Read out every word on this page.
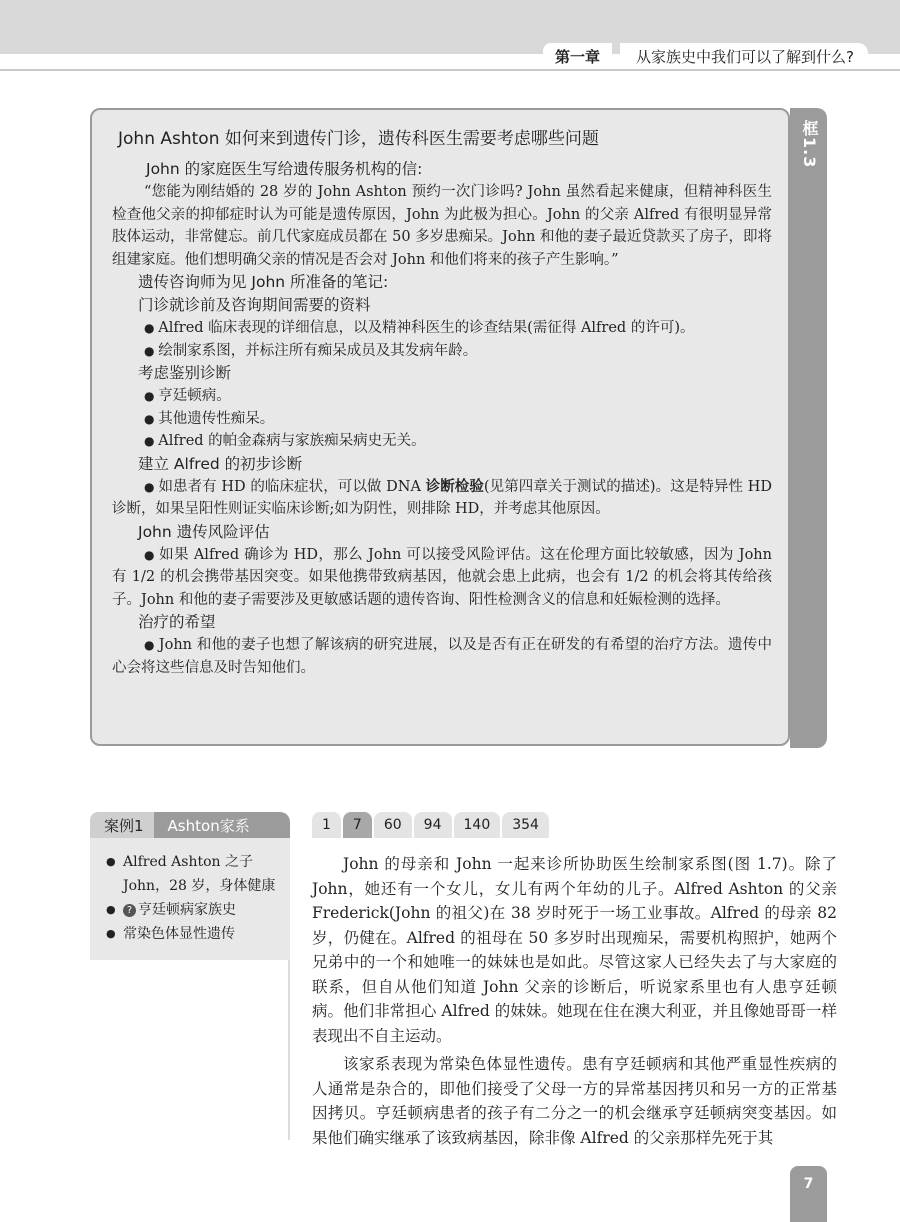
第一章	从家族史中我们可以了解到什么?
John Ashton 如何来到遗传门诊，遗传科医生需要考虑哪些问题
John 的家庭医生写给遗传服务机构的信:

“您能为刚结婚的 28 岁的 John Ashton 预约一次门诊吗? John 虽然看起来健康，但精神科医生检查他父亲的抑郁症时认为可能是遗传原因，John 为此极为担心。John 的父亲 Alfred 有很明显异常肢体运动，非常健忘。前几代家庭成员都在 50 多岁患痴呆。John 和他的妻子最近贷款买了房子，即将组建家庭。他们想明确父亲的情况是否会对 John 和他们将来的孩子产生影响。”

遗传咨询师为见 John 所准备的笔记:
门诊就诊前及咨询期间需要的资料

● Alfred 临床表现的详细信息，以及精神科医生的诊查结果(需征得 Alfred 的许可)。

● 绘制家系图，并标注所有痴呆成员及其发病年龄。

考虑鉴别诊断

● 亨廷顿病。

● 其他遗传性痴呆。

● Alfred 的帕金森病与家族痴呆病史无关。

建立 Alfred 的初步诊断

● 如患者有 HD 的临床症状，可以做 DNA 诊断检验(见第四章关于测试的描述)。这是特异性 HD 诊断，如果呈阳性则证实临床诊断;如为阴性，则排除 HD，并考虑其他原因。

John 遗传风险评估

● 如果 Alfred 确诊为 HD，那么 John 可以接受风险评估。这在伦理方面比较敏感，因为 John 有 1/2 的机会携带基因突变。如果他携带致病基因，他就会患上此病，也会有 1/2 的机会将其传给孩子。John 和他的妻子需要涉及更敏感话题的遗传咨询、阳性检测含义的信息和妊娠检测的选择。

治疗的希望

● John 和他的妻子也想了解该病的研究进展，以及是否有正在研发的有希望的治疗方法。遗传中心会将这些信息及时告知他们。

框1.3
案例1	Ashton家系
● Alfred Ashton 之子 John，28 岁，身体健康
● ? 亨廷顿病家族史
● 常染色体显性遗传
1	7	60	94	140	354

John 的母亲和 John 一起来诊所协助医生绘制家系图(图 1.7)。除了 John，她还有一个女儿，女儿有两个年幼的儿子。Alfred Ashton 的父亲 Frederick(John 的祖父)在 38 岁时死于一场工业事故。Alfred 的母亲 82 岁，仍健在。Alfred 的祖母在 50 多岁时出现痴呆，需要机构照护，她两个兄弟中的一个和她唯一的妹妹也是如此。尽管这家人已经失去了与大家庭的联系，但自从他们知道 John 父亲的诊断后，听说家系里也有人患亨廷顿病。他们非常担心 Alfred 的妹妹。她现在住在澳大利亚，并且像她哥哥一样表现出不自主运动。

该家系表现为常染色体显性遗传。患有亨廷顿病和其他严重显性疾病的人通常是杂合的，即他们接受了父母一方的异常基因拷贝和另一方的正常基因拷贝。亨廷顿病患者的孩子有二分之一的机会继承亨廷顿病突变基因。如果他们确实继承了该致病基因，除非像 Alfred 的父亲那样先死于其

7
